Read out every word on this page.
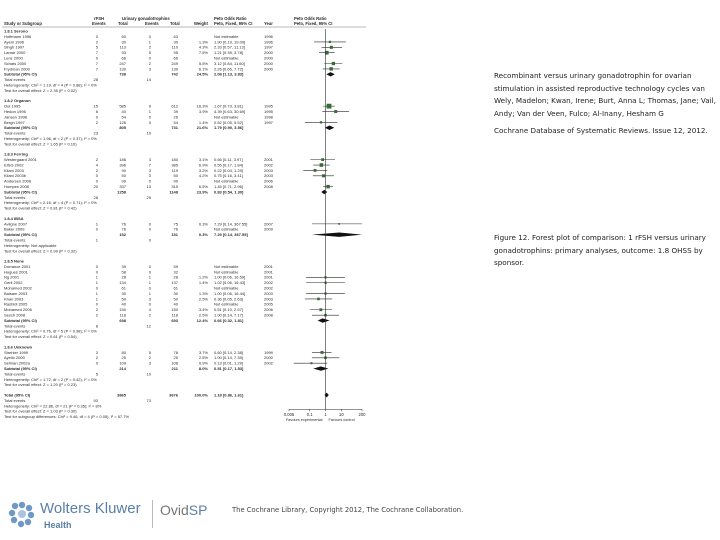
rFSH	Urinary gonadotrophins	Peto Odds Ratio	Peto Odds Ratio
Study or Subgroup	Events	Total	Events	Total	Weight Peto, Fixed, 95% CI	Year	Peto, Fixed, 95% CI
1.8.1 Serono
Hoffmann 1996	0	60	0	63	Not estimable	1996
Ayeni 1996	2	30	1	30	1.3% 1.90 [0.19, 19.09]	1996
Singh 1997	5	113	2	110	4.3% 2.33 [0.57, 11.13]	1997
Lamar 2000	7	93	5	95	7.5% 1.21 [0.39, 3.78]	2000
Lenz 2000	0	66	0	66	Not estimable	2000
Schats 2000	7	247	2	249	5.5% 3.12 [0.84, 11.60]	2000
Frydman 2000	7	139	3	139	6.1% 2.26 [0.66, 7.72]	2000
Subtotal (95% CI)	738	742	24.5% 2.08 [1.13, 3.83]
Total events	28	14
Heterogeneity: Chi² = 1.19, df = 4 (P = 0.88); I² = 0%
Test for overall effect: Z = 2.35 (P = 0.02)
1.8.2 Organon
Out 1995	15	585	9	612	16.3% 1.67 [0.73, 3.81]	1995
Hedon 1995	6	40	1	39	3.9% 4.39 [0.63, 30.69]	1995
Jansen 1998	0	54	0	26	Not estimable	1998
Bergh 1997	2	126	0	54	1.4% 0.52 [0.05, 5.52]	1997
Subtotal (95% CI)	805	731	21.6% 1.79 [0.90, 3.56]
Total events	23	10
Heterogeneity: Chi² = 1.96, df = 2 (P = 0.37); I² = 0%
Test for overall effect: Z = 1.65 (P = 0.10)
1.8.3 Ferring
Westergaard 2001	2	186	3	180	3.1% 0.66 [0.11, 3.97]	2001
EISG 2002	4	396	7	385	6.9% 0.55 [0.17, 1.84]	2002
Kilani 2003	2	90	3	119	3.2% 0.22 [0.04, 1.29]	2003
Kilani 2003b	0	50	3	50	4.2% 0.75 [0.16, 3.41]	2003
Andersen 2006	0	99	0	99	Not estimable	2006
Hompes 2008	20	337	13	315	6.5% 1.45 [0.71, 2.96]	2008
Subtotal (95% CI)	1258	1148	23.9% 0.83 [0.54, 1.30]
Total events	28	29
Heterogeneity: Chi² = 2.16, df = 4 (P = 0.71); I² = 0%
Test for overall effect: Z = 0.81 (P = 0.42)
1.8.4 IBSA
Aviigne 2007	1	76	0	75	0.3% 7.29 [0.14, 367.55]	2007
Baker 2009	0	76	0	76	Not estimable	2009
Subtotal (95% CI)	152	151	0.3% 7.29 [0.14, 367.55]
Total events	1	0
Heterogeneity: Not applicable
Test for overall effect: Z = 0.99 (P = 0.32)
1.8.5 None
Dorrance 2001	0	39	0	59	Not estimable	2001
Hugues 2001	0	58	0	32	Not estimable	2001
Ng 2001	1	28	1	28	1.2% 1.00 [0.06, 16.59]	2001
Gerli 2002	1	134	1	137	1.4% 1.02 [0.06, 16.43]	2002
Mohamed 2002	0	61	0	61	Not estimable	2002
Balsam 2003	1	30	1	30	1.3% 1.00 [0.06, 16.44]	2003
Khan 2003	1	50	3	50	2.5% 0.36 [0.05, 2.63]	2003
Rashidi 2005	0	40	0	40	Not estimable	2005
Mohamed 2006	2	150	4	150	3.4% 0.51 [0.10, 2.57]	2006
Sesch 2008	2	118	2	118	2.5% 1.00 [0.14, 7.17]	2008
Subtotal (95% CI)	698	693	12.4% 0.66 [0.32, 1.81]
Total events	8	12
Heterogeneity: Chi² = 0.76, df = 5 (P = 0.98); I² = 0%
Test for overall effect: Z = 0.61 (P = 0.54)
1.8.6 Unknown
Strehler 1999	3	80	5	78	3.7% 0.60 [0.14, 2.38]	1999
Ayelio 2000	2	25	2	25	2.5% 1.00 [0.14, 7.39]	2000
Selman 2002a	0	109	3	108	0.9% 0.13 [0.01, 1.29]	2002
Subtotal (95% CI)	214	211	8.0% 0.51 [0.17, 1.53]
Total events	5	10
Heterogeneity: Chi² = 1.72, df = 2 (P = 0.42); I² = 0%
Test for overall effect: Z = 1.20 (P = 0.23)
Total (95% CI)	3865	3676	100.0% 1.18 [0.86, 1.61]
Total events	93	73
Heterogeneity: Chi² = 22.86, df = 21 (P = 0.35); I² = 8%
Test for overall effect: Z = 1.03 (P = 0.30)
Test for subgroup differences: Chi² = 9.46, df = 4 (P = 0.05), I² = 57.7%	0.005	0.1	1	10	200
Favours experimental Favours control
Recombinant versus urinary gonadotrophin for ovarian stimulation in assisted reproductive technology cycles van Wely, Madelon; Kwan, Irene; Burt, Anna L; Thomas, Jane; Vail, Andy; Van der Veen, Fulco; Al-Inany, Hesham G
Cochrane Database of Systematic Reviews. Issue 12, 2012.
Figure 12. Forest plot of comparison: 1 rFSH versus urinary gonadotrophins: primary analyses, outcome: 1.8 OHSS by sponsor.
Wolters Kluwer
Health
OvidSP	The Cochrane Library, Copyright 2012, The Cochrane Collaboration.
